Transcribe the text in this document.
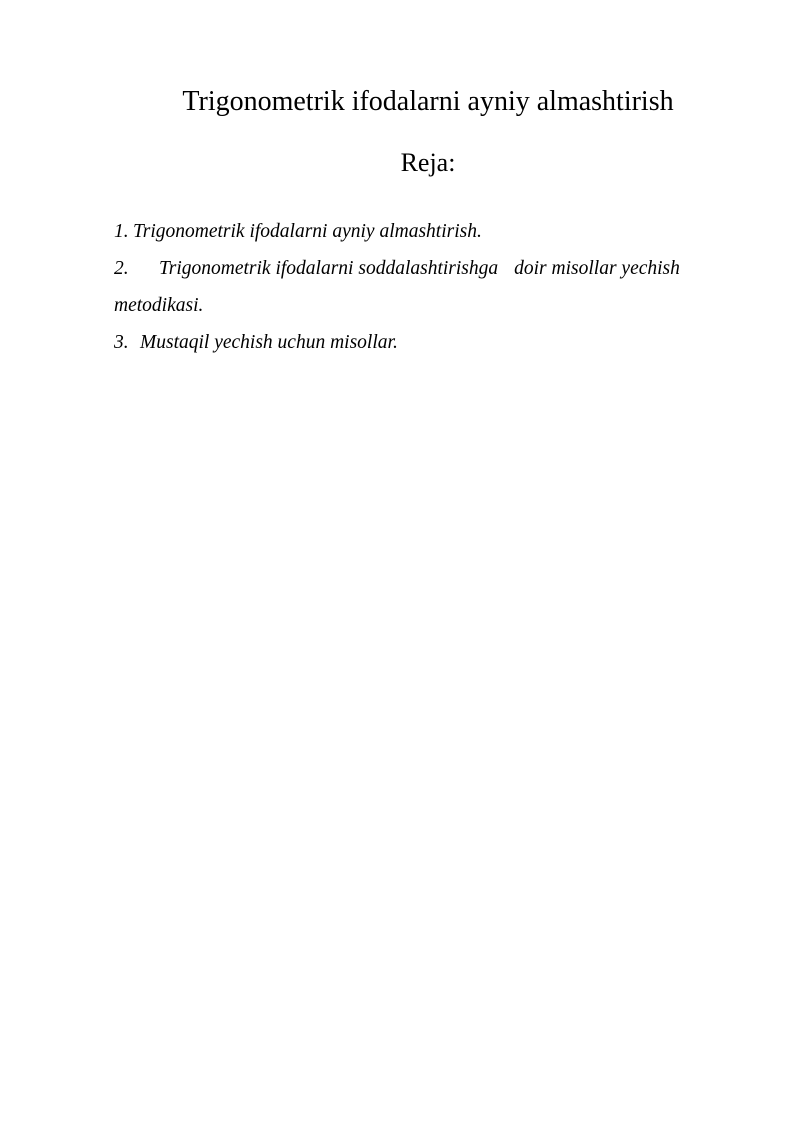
Trigonometrik ifodalarni ayniy almashtirish
Reja:
1. Trigonometrik ifodalarni ayniy almashtirish.
2. Trigonometrik ifodalarni soddalashtirishga doir misollar yechish
metodikasi.
3. Mustaqil yechish uchun misollar.
